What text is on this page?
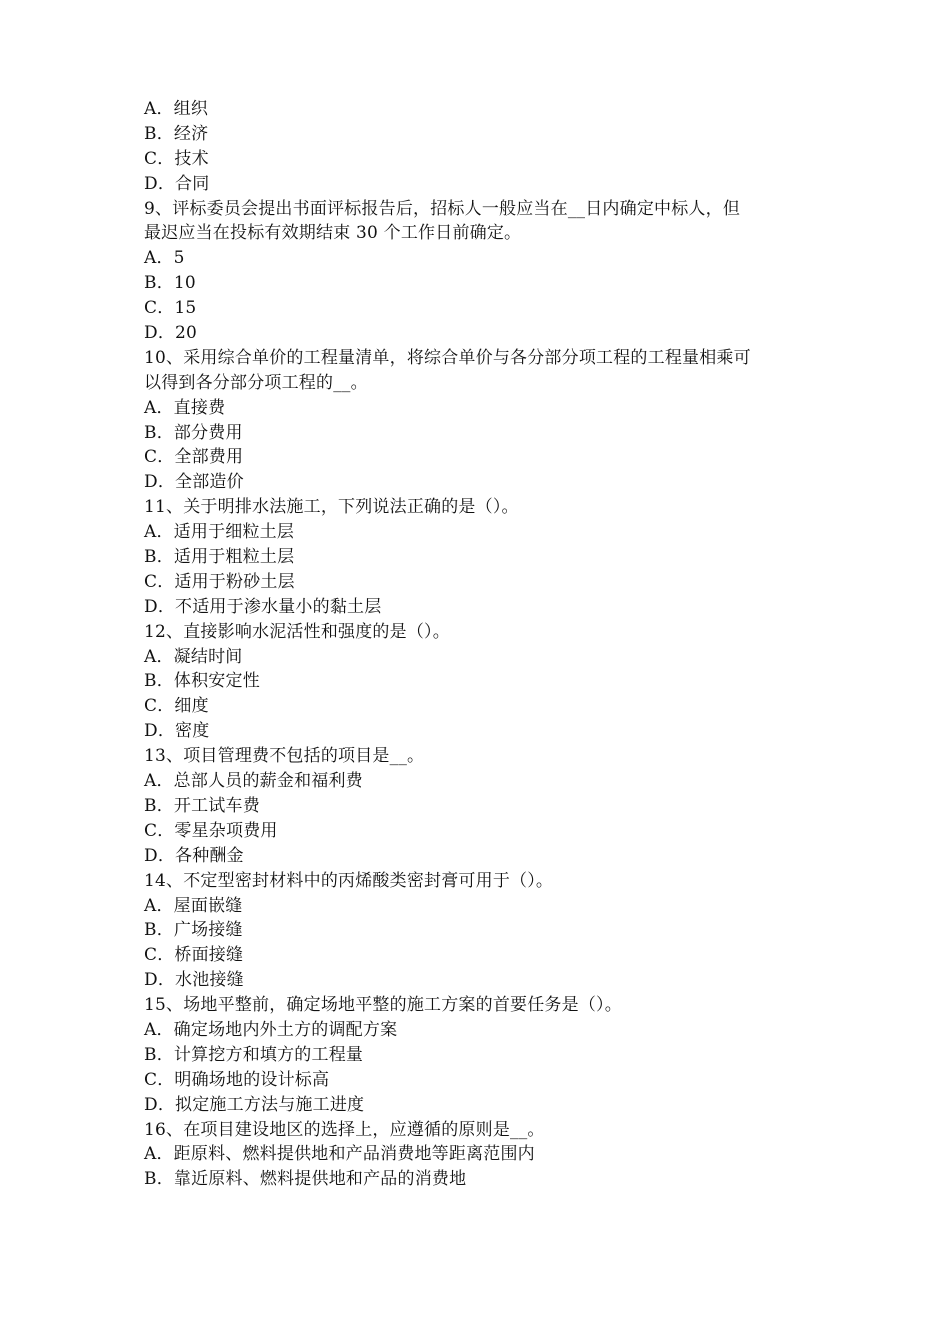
A．组织
B．经济
C．技术
D．合同
9、评标委员会提出书面评标报告后，招标人一般应当在__日内确定中标人，但
最迟应当在投标有效期结束 30 个工作日前确定。
A．5
B．10
C．15
D．20
10、采用综合单价的工程量清单，将综合单价与各分部分项工程的工程量相乘可
以得到各分部分项工程的__。
A．直接费
B．部分费用
C．全部费用
D．全部造价
11、关于明排水法施工，下列说法正确的是（）。
A．适用于细粒土层
B．适用于粗粒土层
C．适用于粉砂土层
D．不适用于渗水量小的黏土层
12、直接影响水泥活性和强度的是（）。
A．凝结时间
B．体积安定性
C．细度
D．密度
13、项目管理费不包括的项目是__。
A．总部人员的薪金和福利费
B．开工试车费
C．零星杂项费用
D．各种酬金
14、不定型密封材料中的丙烯酸类密封膏可用于（）。
A．屋面嵌缝
B．广场接缝
C．桥面接缝
D．水池接缝
15、场地平整前，确定场地平整的施工方案的首要任务是（）。
A．确定场地内外土方的调配方案
B．计算挖方和填方的工程量
C．明确场地的设计标高
D．拟定施工方法与施工进度
16、在项目建设地区的选择上，应遵循的原则是__。
A．距原料、燃料提供地和产品消费地等距离范围内
B．靠近原料、燃料提供地和产品的消费地
